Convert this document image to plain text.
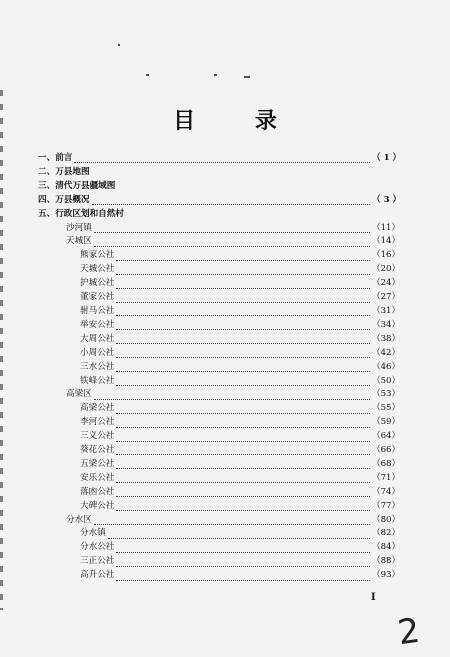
目 录
一、前言	（ 1 ）
二、万县地图
三、清代万县疆域图
四、万县概况	（ 3 ）
五、行政区划和自然村
沙河镇	（11）
天城区	（14）
熊家公社	（16）
天城公社	（20）
护城公社	（24）
董家公社	（27）
驸马公社	（31）
举安公社	（34）
大周公社	（38）
小周公社	（42）
三水公社	（46）
铁峰公社	（50）
高梁区	（53）
高梁公社	（55）
李河公社	（59）
三义公社	（64）
葵花公社	（66）
五梁公社	（68）
安乐公社	（71）
落凼公社	（74）
大碑公社	（77）
分水区	（80）
分水镇	（82）
分水公社	（84）
三正公社	（88）
高升公社	（93）
I
2
